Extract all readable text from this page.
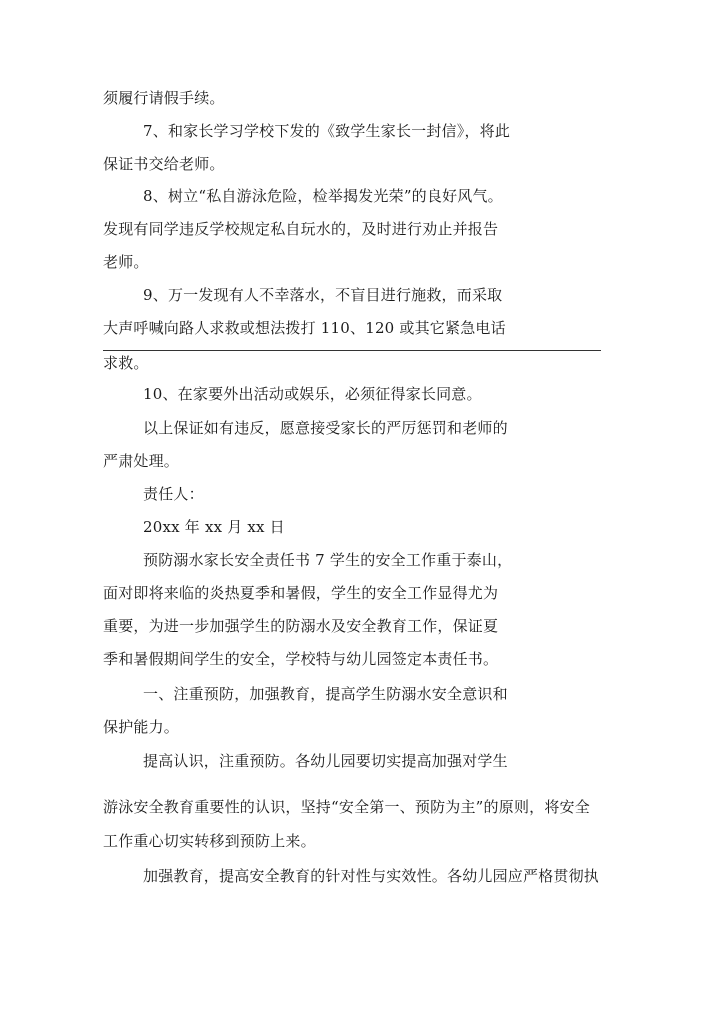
须履行请假手续。
7、和家长学习学校下发的《致学生家长一封信》，将此
保证书交给老师。
8、树立“私自游泳危险，检举揭发光荣”的良好风气。
发现有同学违反学校规定私自玩水的，及时进行劝止并报告
老师。
9、万一发现有人不幸落水，不盲目进行施救，而采取
大声呼喊向路人求救或想法拨打 110、120 或其它紧急电话
求救。
10、在家要外出活动或娱乐，必须征得家长同意。
以上保证如有违反，愿意接受家长的严厉惩罚和老师的
严肃处理。
责任人：
20xx 年 xx 月 xx 日
预防溺水家长安全责任书 7 学生的安全工作重于泰山，
面对即将来临的炎热夏季和暑假，学生的安全工作显得尤为
重要，为进一步加强学生的防溺水及安全教育工作，保证夏
季和暑假期间学生的安全，学校特与幼儿园签定本责任书。
一、注重预防，加强教育，提高学生防溺水安全意识和
保护能力。
提高认识，注重预防。各幼儿园要切实提高加强对学生
游泳安全教育重要性的认识，坚持“安全第一、预防为主”的原则，将安全
工作重心切实转移到预防上来。
加强教育，提高安全教育的针对性与实效性。各幼儿园应严格贯彻执
